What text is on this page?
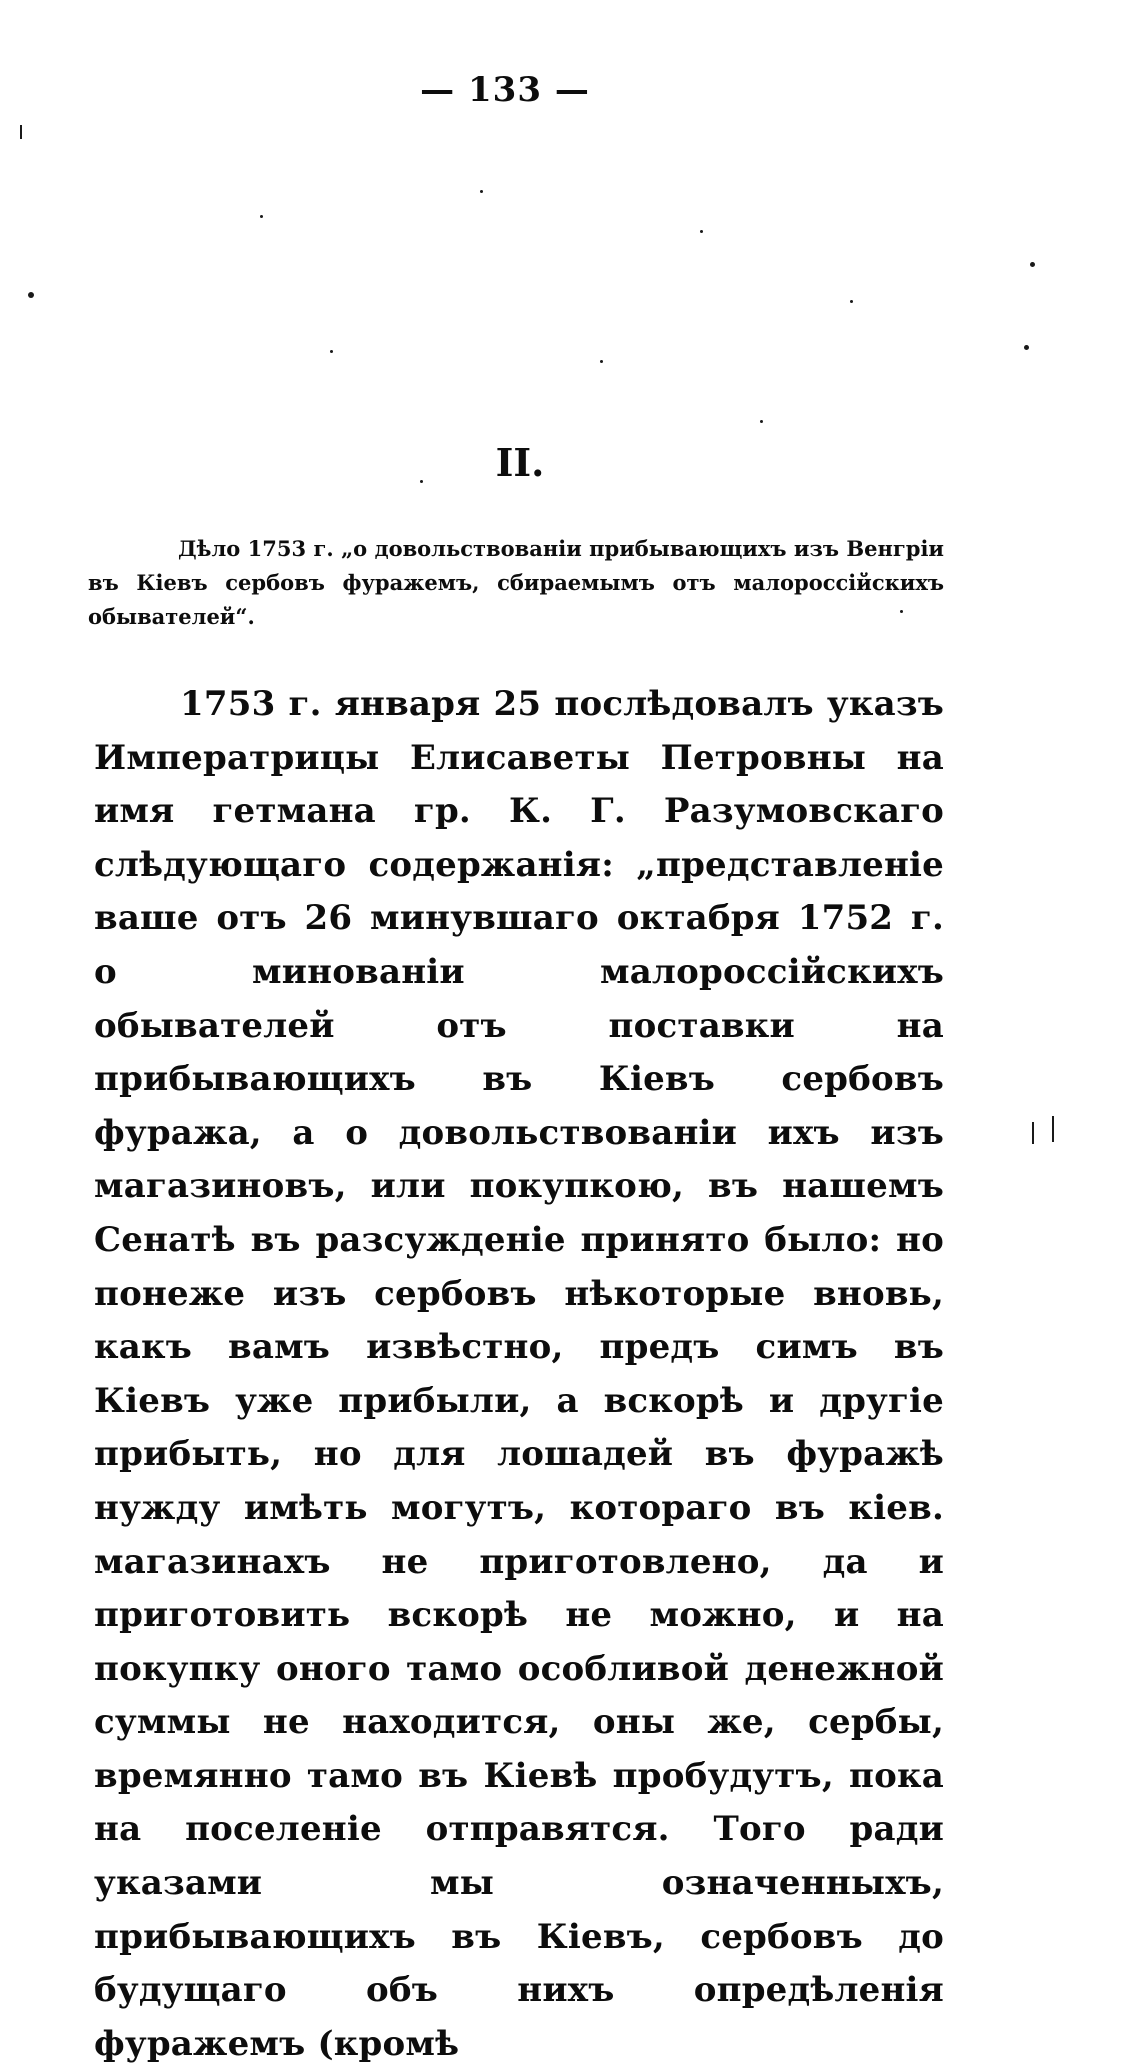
— 133 —
II.
Дѣло 1753 г. „о довольствованіи прибывающихъ изъ Венгріи въ Кіевъ сербовъ фуражемъ, сбираемымъ отъ малороссійскихъ обывателей“.
1753 г. января 25 послѣдовалъ указъ Императрицы Елисаветы Петровны на имя гетмана гр. К. Г. Разумовскаго слѣдующаго содержанія: „представленіе ваше отъ 26 минувшаго октабря 1752 г. о миновaніи малороссійскихъ обывателей отъ поставки на прибывающихъ въ Кіевъ сербовъ фуража, а о довольствованіи ихъ изъ магазиновъ, или покупкою, въ нашемъ Сенатѣ въ разсужденіе принято было: но понеже изъ сербовъ нѣкоторые вновь, какъ вамъ извѣстно, предъ симъ въ Кіевъ уже прибыли, а вскорѣ и другіе прибыть, но для лошадей въ фуражѣ нужду имѣть могутъ, котораго въ кіев. магазинахъ не приготовлено, да и приготовить вскорѣ не можно, и на покупку оного тамо особливой денежной суммы не находится, оны же, сербы, времянно тамо въ Кіевѣ пробудутъ, пока на поселеніе отправятся. Того ради указами мы означенныхъ, прибывающихъ въ Кіевъ, сербовъ до будущаго объ нихъ опредѣленія фуражемъ (кромѣ
